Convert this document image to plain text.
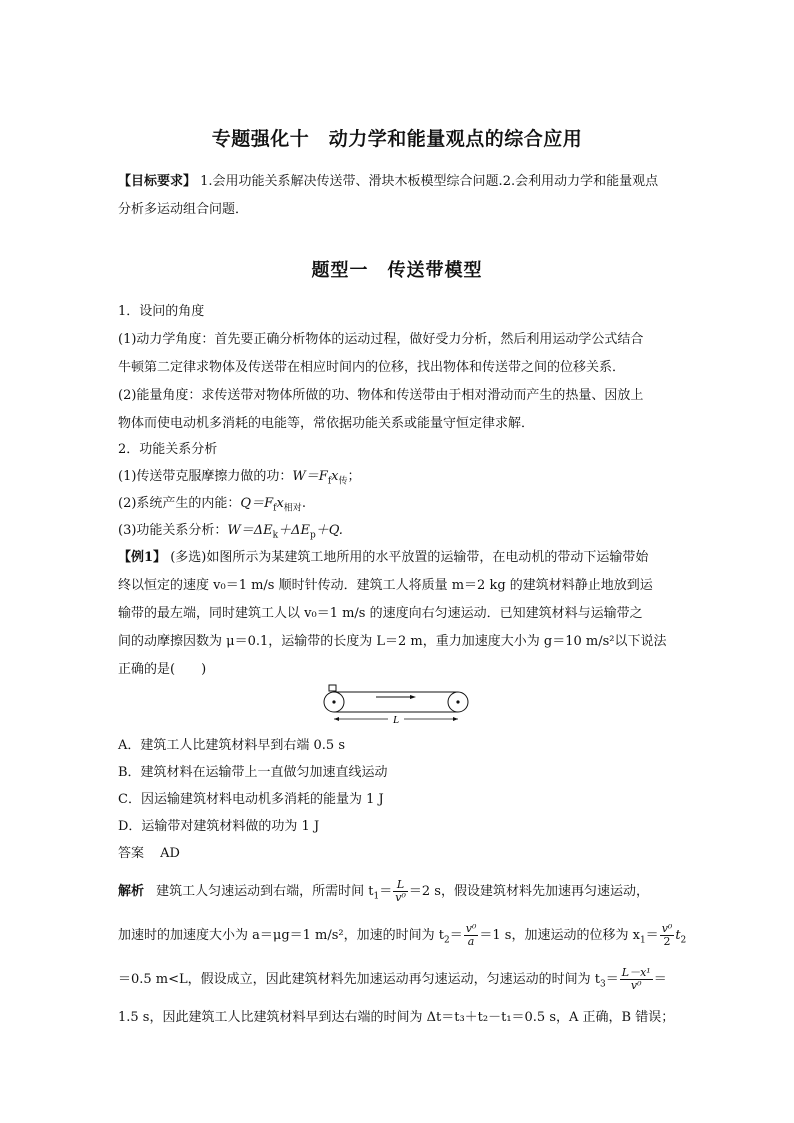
专题强化十　动力学和能量观点的综合应用
【目标要求】 1.会用功能关系解决传送带、滑块木板模型综合问题.2.会利用动力学和能量观点
分析多运动组合问题．
题型一　传送带模型
1．设问的角度
(1)动力学角度：首先要正确分析物体的运动过程，做好受力分析，然后利用运动学公式结合
牛顿第二定律求物体及传送带在相应时间内的位移，找出物体和传送带之间的位移关系．
(2)能量角度：求传送带对物体所做的功、物体和传送带由于相对滑动而产生的热量、因放上
物体而使电动机多消耗的电能等，常依据功能关系或能量守恒定律求解．
2．功能关系分析
(1)传送带克服摩擦力做的功：$W=F_fx_传$；
(2)系统产生的内能：$Q=F_fx_{相对}$.
(3)功能关系分析：$W=\Delta E_k+\Delta E_p+Q$.
【例1】 (多选)如图所示为某建筑工地所用的水平放置的运输带，在电动机的带动下运输带始
终以恒定的速度 v₀＝1 m/s 顺时针传动．建筑工人将质量 m＝2 kg 的建筑材料静止地放到运
输带的最左端，同时建筑工人以 v₀＝1 m/s 的速度向右匀速运动．已知建筑材料与运输带之
间的动摩擦因数为 μ＝0.1，运输带的长度为 L＝2 m，重力加速度大小为 g＝10 m/s²以下说法
正确的是(　　)
L
A．建筑工人比建筑材料早到右端 0.5 s
B．建筑材料在运输带上一直做匀加速直线运动
C．因运输建筑材料电动机多消耗的能量为 1 J
D．运输带对建筑材料做的功为 1 J
答案 AD
解析 建筑工人匀速运动到右端，所需时间 $t_1= \frac{L}{\text{v⁰}} =2$ s，假设建筑材料先加速再匀速运动，
加速时的加速度大小为 a＝μg＝1 m/s²，加速的时间为 $t_2= \frac{\text{v⁰}}{a} =1$ s，加速运动的位移为 $x_1= \frac{\text{v⁰}}{2} t_2$
＝0.5 m<L，假设成立，因此建筑材料先加速运动再匀速运动，匀速运动的时间为 $t_3= \frac{\text{L－x¹}}{\text{v⁰}}$ ＝
1.5 s，因此建筑工人比建筑材料早到达右端的时间为 Δt＝t₃＋t₂－t₁＝0.5 s，A 正确，B 错误；
